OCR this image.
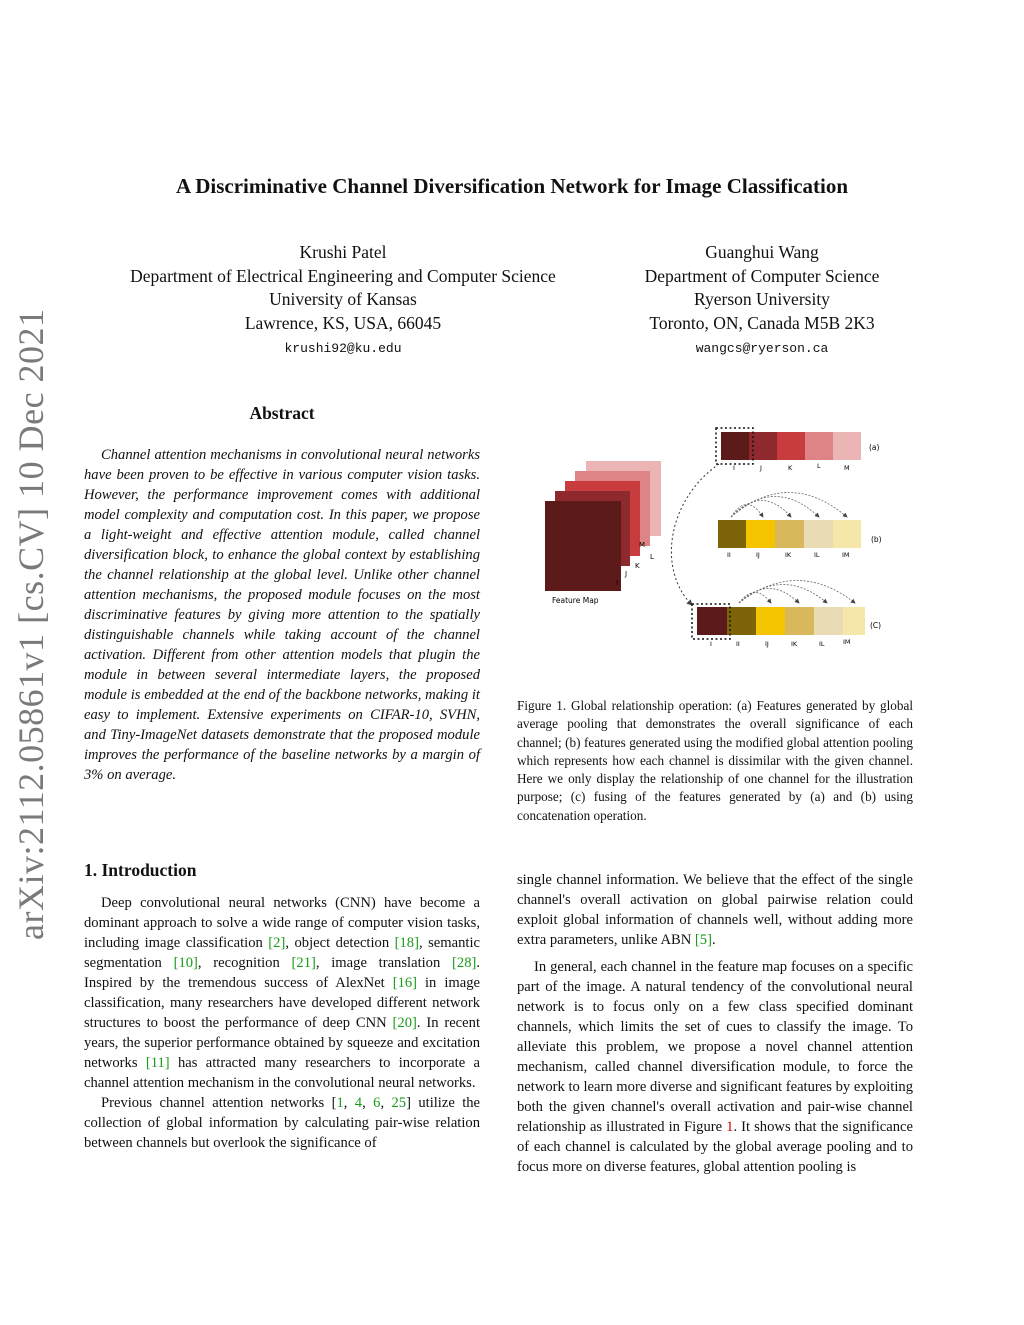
arXiv:2112.05861v1 [cs.CV] 10 Dec 2021
A Discriminative Channel Diversification Network for Image Classification
Krushi Patel
Department of Electrical Engineering and Computer Science
University of Kansas
Lawrence, KS, USA, 66045
krushi92@ku.edu
Guanghui Wang
Department of Computer Science
Ryerson University
Toronto, ON, Canada M5B 2K3
wangcs@ryerson.ca
Abstract

Channel attention mechanisms in convolutional neural networks have been proven to be effective in various computer vision tasks. However, the performance improvement comes with additional model complexity and computation cost. In this paper, we propose a light-weight and effective attention module, called channel diversification block, to enhance the global context by establishing the channel relationship at the global level. Unlike other channel attention mechanisms, the proposed module focuses on the most discriminative features by giving more attention to the spatially distinguishable channels while taking account of the channel activation. Different from other attention models that plugin the module in between several intermediate layers, the proposed module is embedded at the end of the backbone networks, making it easy to implement. Extensive experiments on CIFAR-10, SVHN, and Tiny-ImageNet datasets demonstrate that the proposed module improves the performance of the baseline networks by a margin of 3% on average.

1. Introduction

Deep convolutional neural networks (CNN) have become a dominant approach to solve a wide range of computer vision tasks, including image classification [2], object detection [18], semantic segmentation [10], recognition [21], image translation [28]. Inspired by the tremendous success of AlexNet [16] in image classification, many researchers have developed different network structures to boost the performance of deep CNN [20]. In recent years, the superior performance obtained by squeeze and excitation networks [11] has attracted many researchers to incorporate a channel attention mechanism in the convolutional neural networks.

Previous channel attention networks [1, 4, 6, 25] utilize the collection of global information by calculating pair-wise relation between channels but overlook the significance of

single channel information. We believe that the effect of the single channel's overall activation on global pairwise relation could exploit global information of channels well, without adding more extra parameters, unlike ABN [5].

In general, each channel in the feature map focuses on a specific part of the image. A natural tendency of the convolutional neural network is to focus only on a few class specified dominant channels, which limits the set of cues to classify the image. To alleviate this problem, we propose a novel channel attention mechanism, called channel diversification module, to force the network to learn more diverse and significant features by exploiting both the given channel's overall activation and pair-wise channel relationship as illustrated in Figure 1. It shows that the significance of each channel is calculated by the global average pooling and to focus more on diverse features, global attention pooling is

M
L
K
J
I
Feature Map
I	J	K	L	M
(a)
II	IJ	IK	IL	IM
(b)
I	II	IJ	IK	IL	IM
(C)

Figure 1. Global relationship operation: (a) Features generated by global average pooling that demonstrates the overall significance of each channel; (b) features generated using the modified global attention pooling which represents how each channel is dissimilar with the given channel. Here we only display the relationship of one channel for the illustration purpose; (c) fusing of the features generated by (a) and (b) using concatenation operation.
